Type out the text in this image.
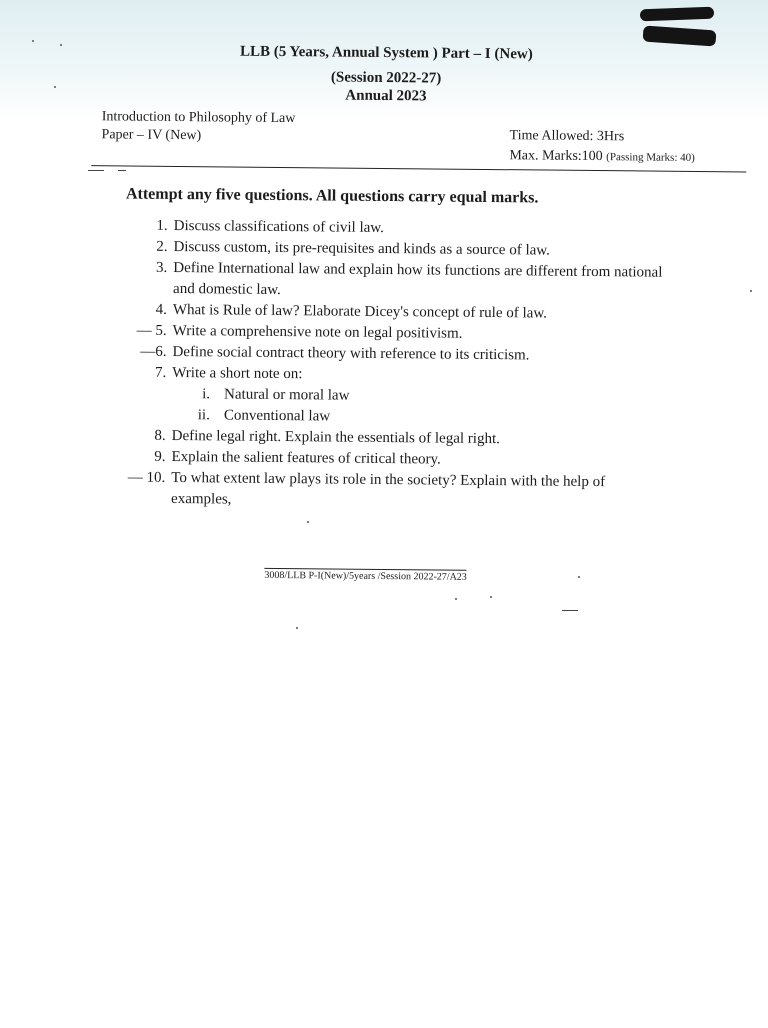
LLB (5 Years, Annual System ) Part – I (New)
(Session 2022-27)
Annual 2023
Introduction to Philosophy of Law
Paper – IV (New)	Time Allowed: 3Hrs
Max. Marks:100 (Passing Marks: 40)
Attempt any five questions. All questions carry equal marks.
1. Discuss classifications of civil law.
2. Discuss custom, its pre-requisites and kinds as a source of law.
3. Define International law and explain how its functions are different from national and domestic law.
4. What is Rule of law? Elaborate Dicey's concept of rule of law.
— 5. Write a comprehensive note on legal positivism.
—6. Define social contract theory with reference to its criticism.
7. Write a short note on:
i. Natural or moral law
ii. Conventional law
8. Define legal right. Explain the essentials of legal right.
9. Explain the salient features of critical theory.
— 10. To what extent law plays its role in the society? Explain with the help of examples,
3008/LLB P-I(New)/5years /Session 2022-27/A23
